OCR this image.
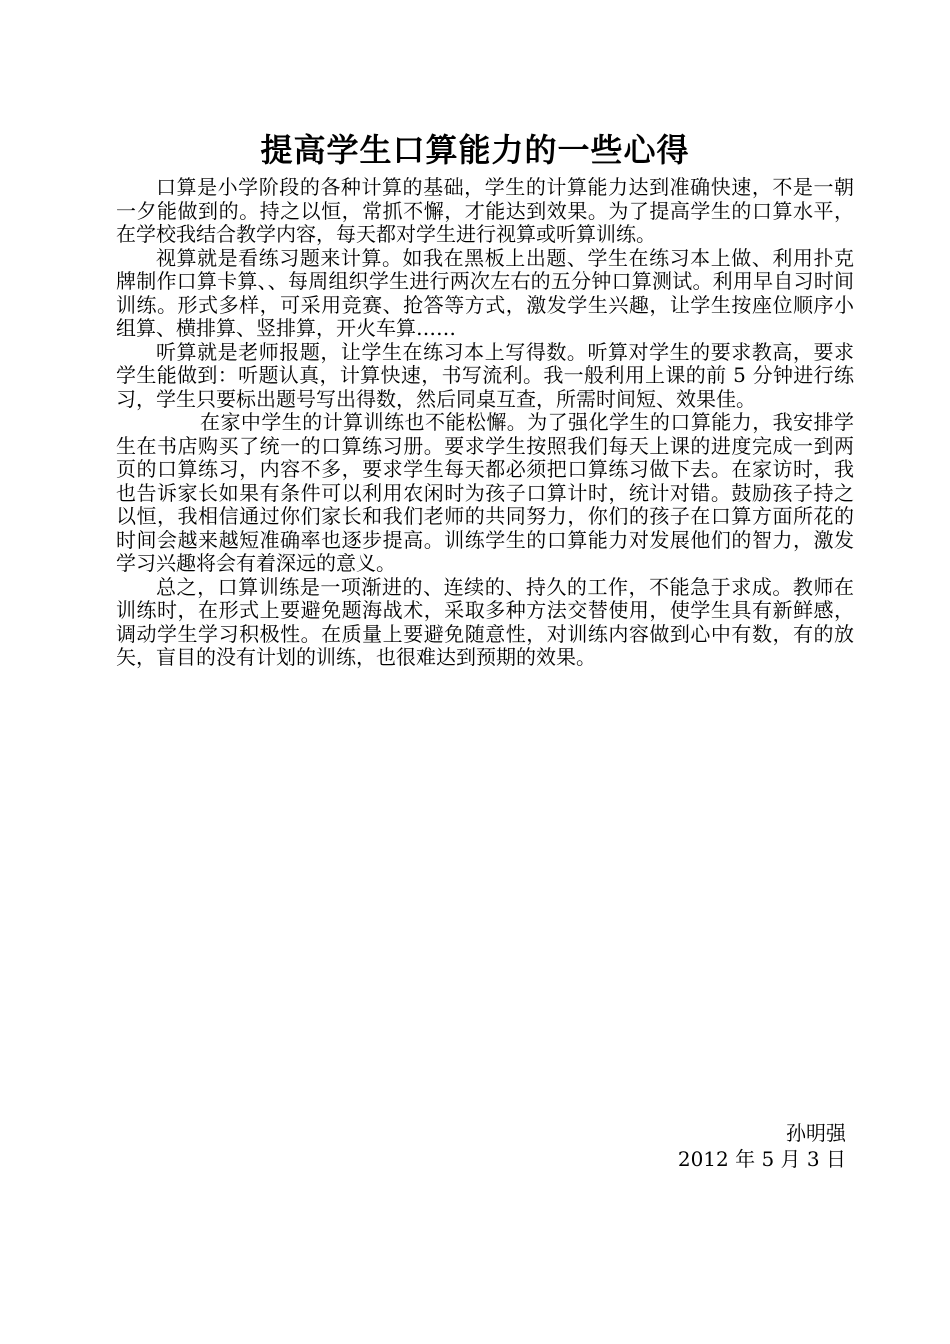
提高学生口算能力的一些心得

口算是小学阶段的各种计算的基础，学生的计算能力达到准确快速，不是一朝一夕能做到的。持之以恒，常抓不懈，才能达到效果。为了提高学生的口算水平，在学校我结合教学内容，每天都对学生进行视算或听算训练。

视算就是看练习题来计算。如我在黑板上出题、学生在练习本上做、利用扑克牌制作口算卡算、、每周组织学生进行两次左右的五分钟口算测试。利用早自习时间训练。形式多样，可采用竞赛、抢答等方式，激发学生兴趣，让学生按座位顺序小组算、横排算、竖排算，开火车算……

听算就是老师报题，让学生在练习本上写得数。听算对学生的要求教高，要求学生能做到：听题认真，计算快速，书写流利。我一般利用上课的前 5 分钟进行练习，学生只要标出题号写出得数，然后同桌互查，所需时间短、效果佳。

在家中学生的计算训练也不能松懈。为了强化学生的口算能力，我安排学生在书店购买了统一的口算练习册。要求学生按照我们每天上课的进度完成一到两页的口算练习，内容不多，要求学生每天都必须把口算练习做下去。在家访时，我也告诉家长如果有条件可以利用农闲时为孩子口算计时，统计对错。鼓励孩子持之以恒，我相信通过你们家长和我们老师的共同努力，你们的孩子在口算方面所花的时间会越来越短准确率也逐步提高。训练学生的口算能力对发展他们的智力，激发学习兴趣将会有着深远的意义。

总之，口算训练是一项渐进的、连续的、持久的工作，不能急于求成。教师在训练时，在形式上要避免题海战术，采取多种方法交替使用，使学生具有新鲜感，调动学生学习积极性。在质量上要避免随意性，对训练内容做到心中有数，有的放矢，盲目的没有计划的训练，也很难达到预期的效果。

孙明强
2012 年 5 月 3 日
